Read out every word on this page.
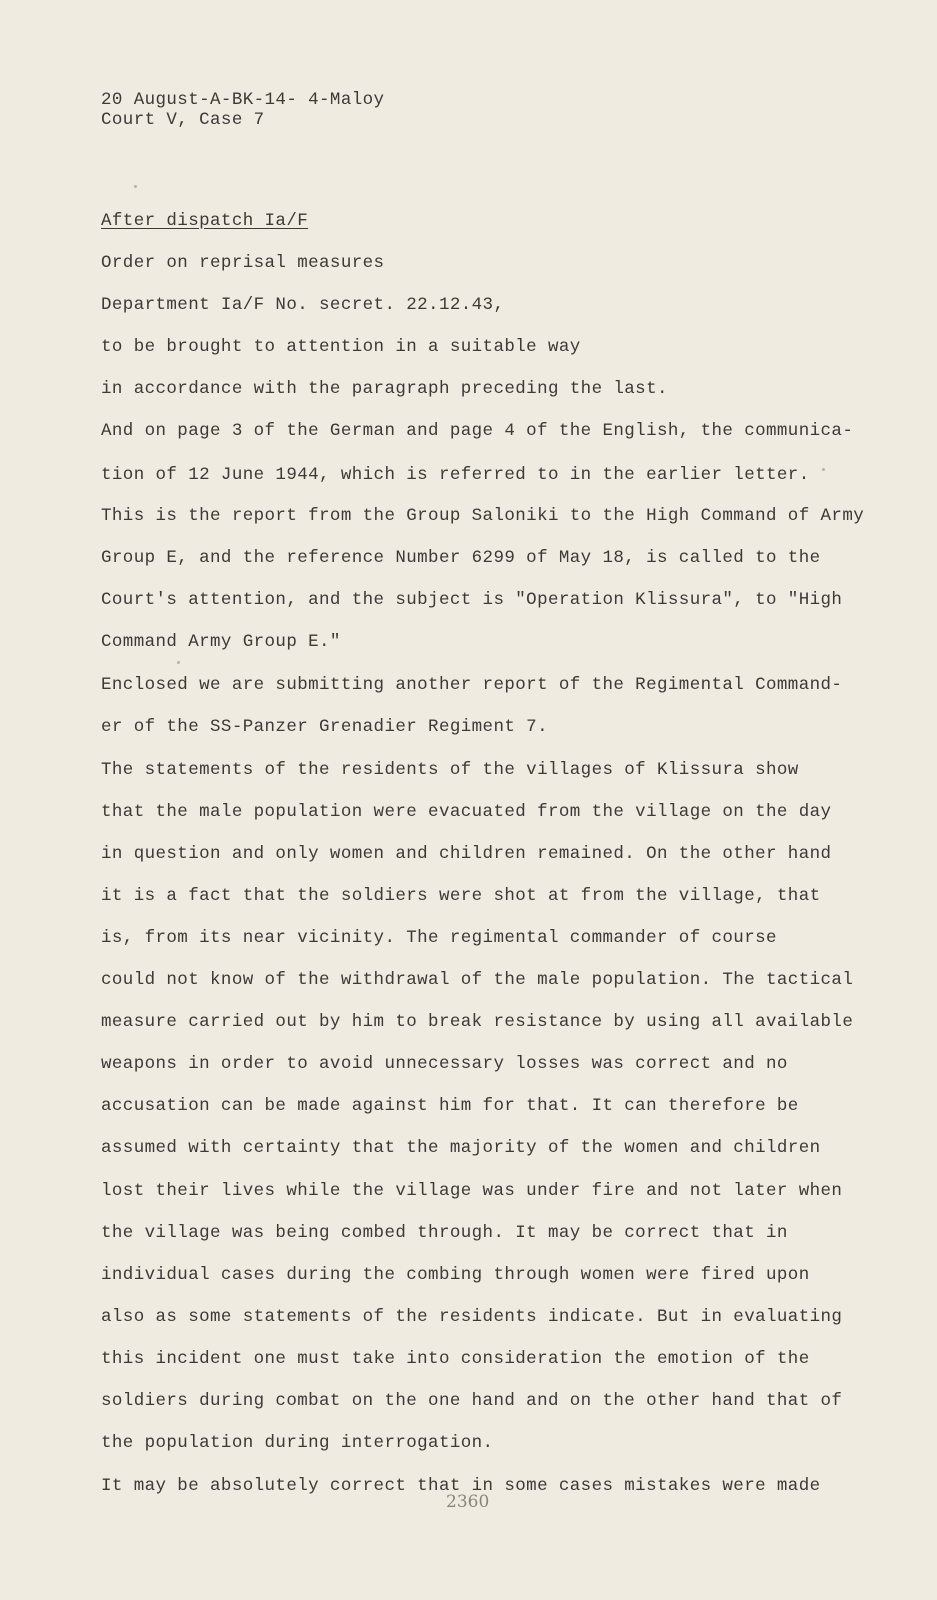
20 August-A-BK-14- 4-Maloy
Court V, Case 7
After dispatch Ia/F
Order on reprisal measures
Department Ia/F No. secret. 22.12.43,
to be brought to attention in a suitable way
in accordance with the paragraph preceding the last.
And on page 3 of the German and page 4 of the English, the communica-
tion of 12 June 1944, which is referred to in the earlier letter.
This is the report from the Group Saloniki to the High Command of Army
Group E, and the reference Number 6299 of May 18, is called to the
Court's attention, and the subject is "Operation Klissura", to "High
Command Army Group E."
Enclosed we are submitting another report of the Regimental Command-
er of the SS-Panzer Grenadier Regiment 7.
The statements of the residents of the villages of Klissura show
that the male population were evacuated from the village on the day
in question and only women and children remained. On the other hand
it is a fact that the soldiers were shot at from the village, that
is, from its near vicinity. The regimental commander of course
could not know of the withdrawal of the male population. The tactical
measure carried out by him to break resistance by using all available
weapons in order to avoid unnecessary losses was correct and no
accusation can be made against him for that. It can therefore be
assumed with certainty that the majority of the women and children
lost their lives while the village was under fire and not later when
the village was being combed through. It may be correct that in
individual cases during the combing through women were fired upon
also as some statements of the residents indicate. But in evaluating
this incident one must take into consideration the emotion of the
soldiers during combat on the one hand and on the other hand that of
the population during interrogation.
It may be absolutely correct that in some cases mistakes were made
2360
